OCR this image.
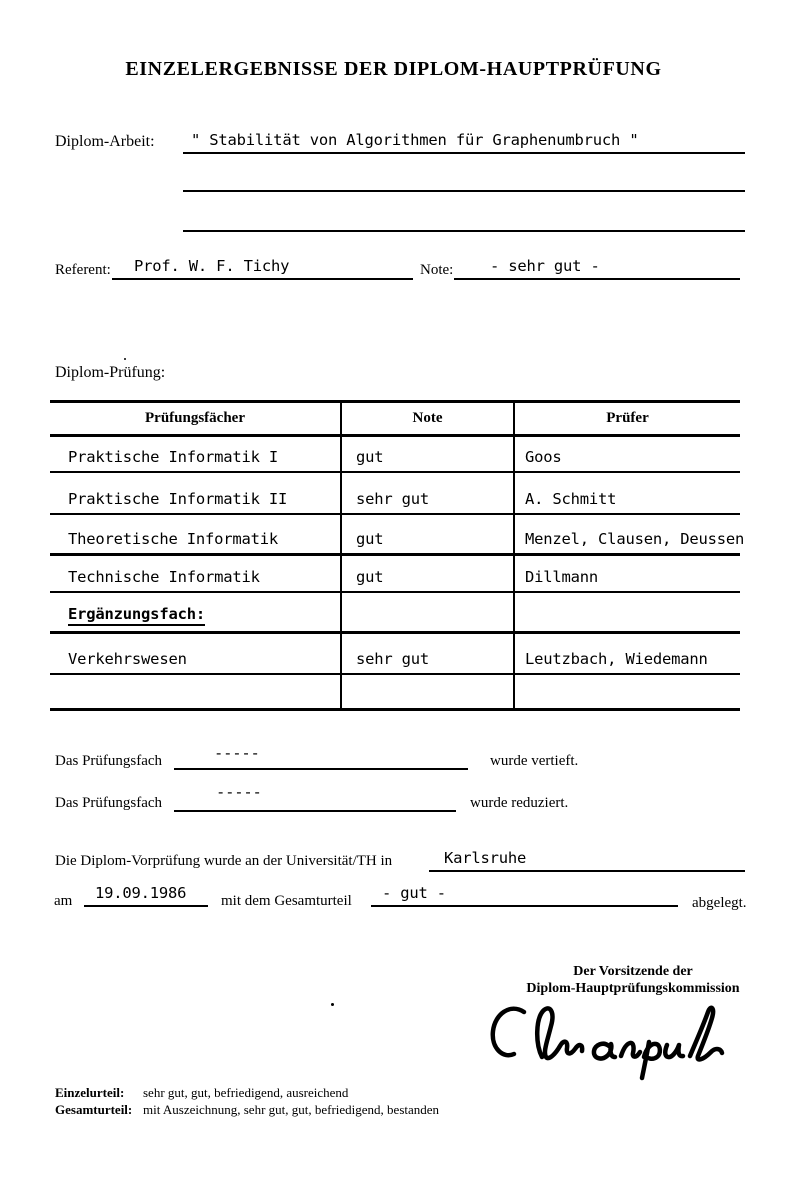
EINZELERGEBNISSE DER DIPLOM-HAUPTPRÜFUNG
Diplom-Arbeit: " Stabilität von Algorithmen für Graphenumbruch "
Referent: Prof. W. F. Tichy	Note: - sehr gut -
Diplom-Prüfung:
Prüfungsfächer	Note	Prüfer
Praktische Informatik I	gut	Goos
Praktische Informatik II	sehr gut	A. Schmitt
Theoretische Informatik	gut	Menzel, Clausen, Deussen
Technische Informatik	gut	Dillmann
Ergänzungsfach:
Verkehrswesen	sehr gut	Leutzbach, Wiedemann
Das Prüfungsfach	-----	wurde vertieft.
Das Prüfungsfach
-----
wurde reduziert.
Die Diplom-Vorprüfung wurde an der Universität/TH in	Karlsruhe
am 19.09.1986 mit dem Gesamturteil - gut -
abgelegt.
Der Vorsitzende der
Diplom-Hauptprüfungskommission
Einzelurteil:	sehr gut, gut, befriedigend, ausreichend
Gesamturteil: mit Auszeichnung, sehr gut, gut, befriedigend, bestanden
